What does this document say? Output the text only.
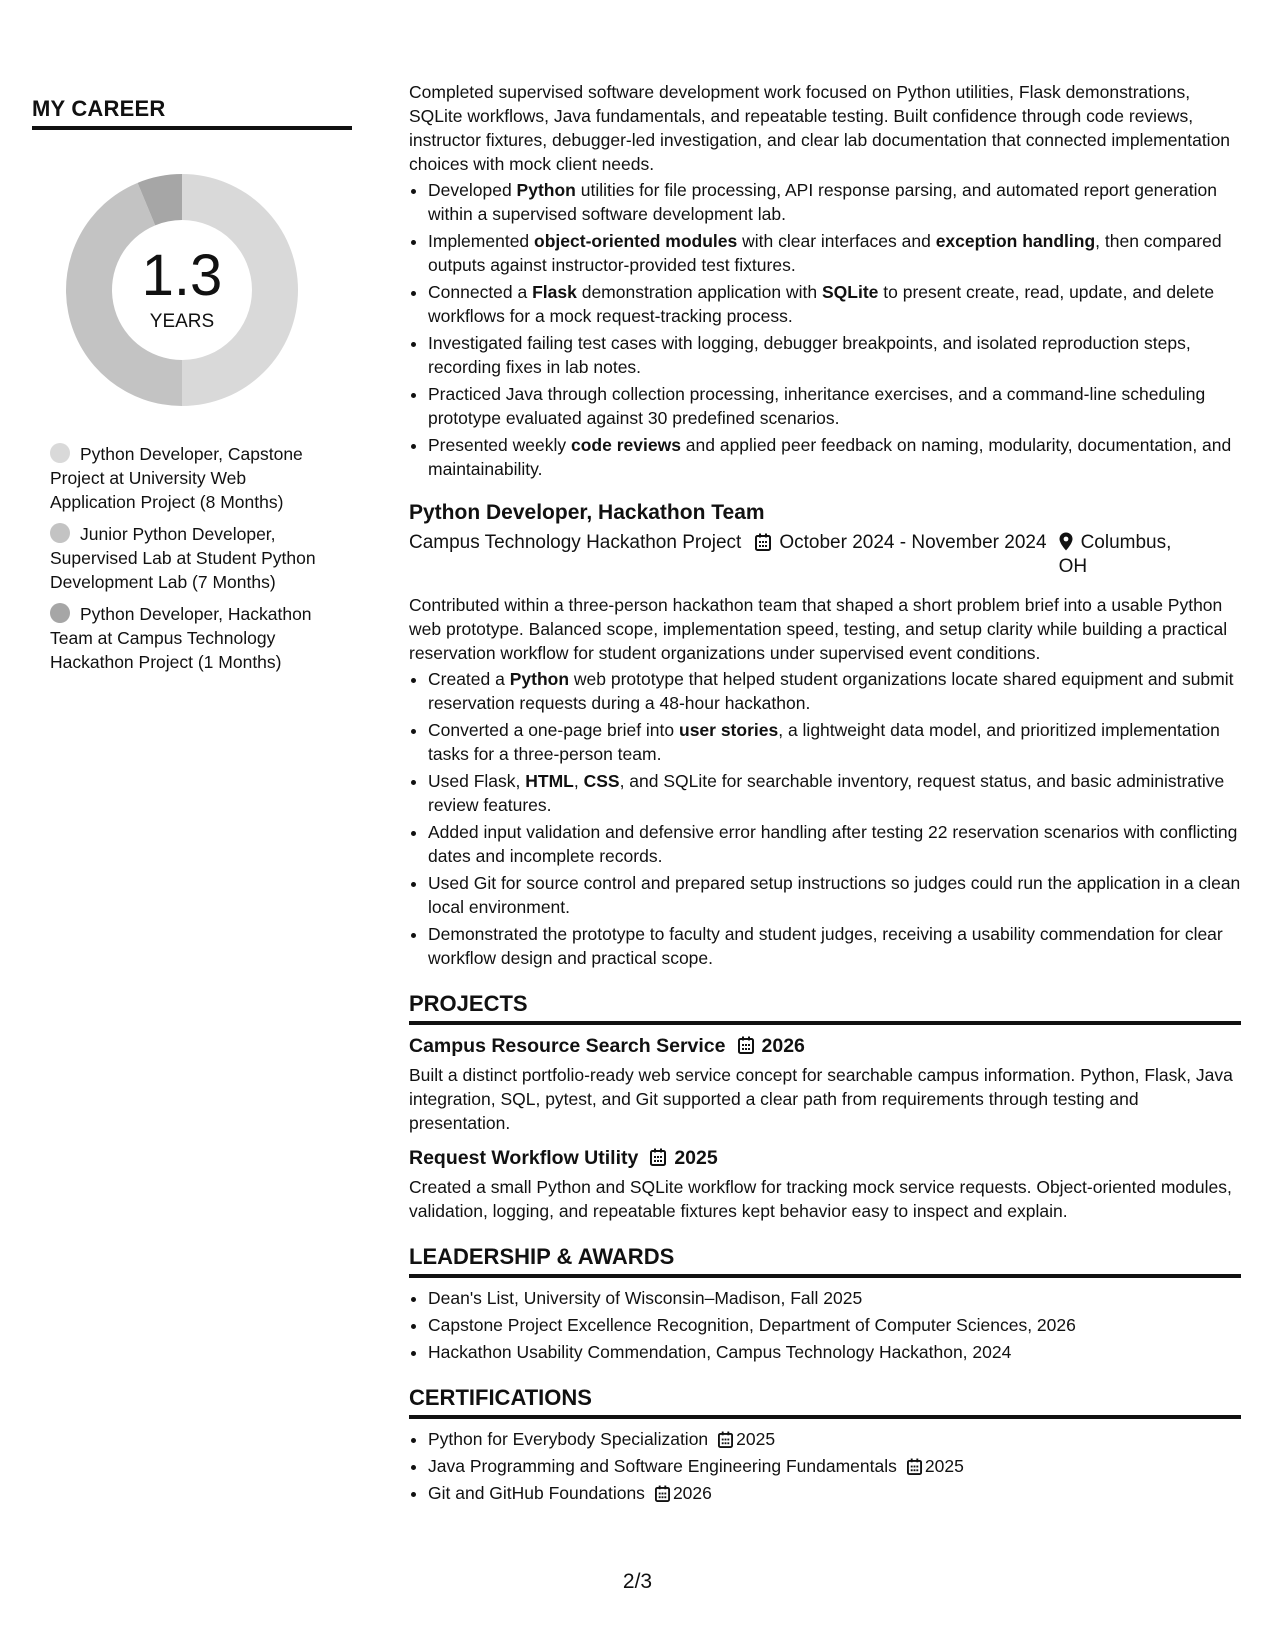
MY CAREER
1.3
YEARS
Python Developer, Capstone Project at University Web Application Project (8 Months)
Junior Python Developer, Supervised Lab at Student Python Development Lab (7 Months)
Python Developer, Hackathon Team at Campus Technology Hackathon Project (1 Months)

Completed supervised software development work focused on Python utilities, Flask demonstrations, SQLite workflows, Java fundamentals, and repeatable testing. Built confidence through code reviews, instructor fixtures, debugger-led investigation, and clear lab documentation that connected implementation choices with mock client needs.

• Developed Python utilities for file processing, API response parsing, and automated report generation within a supervised software development lab.
• Implemented object-oriented modules with clear interfaces and exception handling, then compared outputs against instructor-provided test fixtures.
• Connected a Flask demonstration application with SQLite to present create, read, update, and delete workflows for a mock request-tracking process.
• Investigated failing test cases with logging, debugger breakpoints, and isolated reproduction steps, recording fixes in lab notes.
• Practiced Java through collection processing, inheritance exercises, and a command-line scheduling prototype evaluated against 30 predefined scenarios.
• Presented weekly code reviews and applied peer feedback on naming, modularity, documentation, and maintainability.
Python Developer, Hackathon Team
Campus Technology Hackathon Project	October 2024 - November 2024	Columbus, OH

Contributed within a three-person hackathon team that shaped a short problem brief into a usable Python web prototype. Balanced scope, implementation speed, testing, and setup clarity while building a practical reservation workflow for student organizations under supervised event conditions.

• Created a Python web prototype that helped student organizations locate shared equipment and submit reservation requests during a 48-hour hackathon.
• Converted a one-page brief into user stories, a lightweight data model, and prioritized implementation tasks for a three-person team.
• Used Flask, HTML, CSS, and SQLite for searchable inventory, request status, and basic administrative review features.
• Added input validation and defensive error handling after testing 22 reservation scenarios with conflicting dates and incomplete records.
• Used Git for source control and prepared setup instructions so judges could run the application in a clean local environment.
• Demonstrated the prototype to faculty and student judges, receiving a usability commendation for clear workflow design and practical scope.
PROJECTS
Campus Resource Search Service 2026

Built a distinct portfolio-ready web service concept for searchable campus information. Python, Flask, Java integration, SQL, pytest, and Git supported a clear path from requirements through testing and presentation.

Request Workflow Utility 2025

Created a small Python and SQLite workflow for tracking mock service requests. Object-oriented modules, validation, logging, and repeatable fixtures kept behavior easy to inspect and explain.

LEADERSHIP & AWARDS
• Dean's List, University of Wisconsin–Madison, Fall 2025
• Capstone Project Excellence Recognition, Department of Computer Sciences, 2026
• Hackathon Usability Commendation, Campus Technology Hackathon, 2024
CERTIFICATIONS
• Python for Everybody Specialization 2025
• Java Programming and Software Engineering Fundamentals 2025
• Git and GitHub Foundations 2026
2/3
